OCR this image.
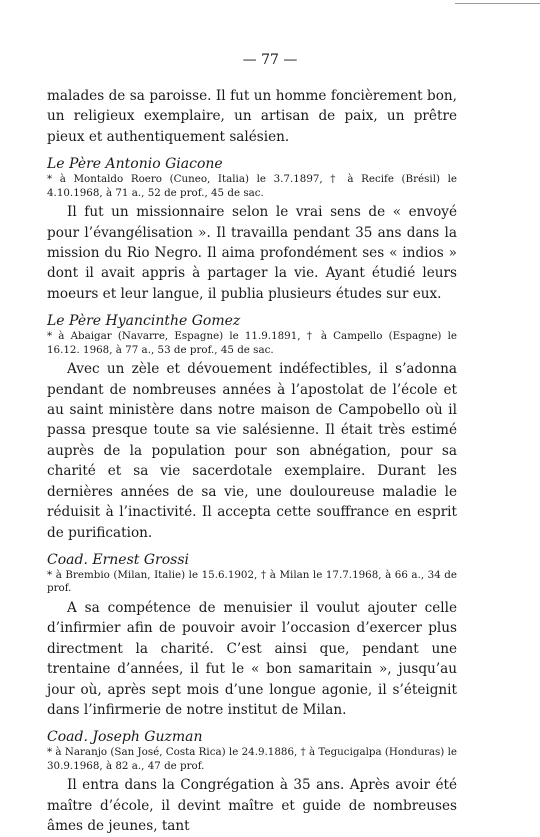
— 77 —

malades de sa paroisse. Il fut un homme foncièrement bon, un religieux exemplaire, un artisan de paix, un prêtre pieux et authentiquement salésien.

Le Père Antonio Giacone

* à Montaldo Roero (Cuneo, Italia) le 3.7.1897, † à Recife (Brésil) le 4.10.1968, à 71 a., 52 de prof., 45 de sac.

Il fut un missionnaire selon le vrai sens de « envoyé pour l’évangélisation ». Il travailla pendant 35 ans dans la mission du Rio Negro. Il aima profondément ses « indios » dont il avait appris à partager la vie. Ayant étudié leurs moeurs et leur langue, il publia plusieurs études sur eux.

Le Père Hyancinthe Gomez

* à Abaigar (Navarre, Espagne) le 11.9.1891, † à Campello (Espagne) le 16.12. 1968, à 77 a., 53 de prof., 45 de sac.

Avec un zèle et dévouement indéfectibles, il s’adonna pendant de nombreuses années à l’apostolat de l’école et au saint ministère dans notre maison de Campobello où il passa presque toute sa vie salésienne. Il était très estimé auprès de la population pour son abnégation, pour sa charité et sa vie sacerdotale exemplaire. Durant les dernières années de sa vie, une douloureuse maladie le réduisit à l’inactivité. Il accepta cette souffrance en esprit de purification.

Coad. Ernest Grossi

* à Brembio (Milan, Italie) le 15.6.1902, † à Milan le 17.7.1968, à 66 a., 34 de prof.

A sa compétence de menuisier il voulut ajouter celle d’infirmier afin de pouvoir avoir l’occasion d’exercer plus directment la charité. C’est ainsi que, pendant une trentaine d’années, il fut le « bon samaritain », jusqu’au jour où, après sept mois d’une longue agonie, il s’éteignit dans l’infirmerie de notre institut de Milan.

Coad. Joseph Guzman

* à Naranjo (San José, Costa Rica) le 24.9.1886, † à Tegucigalpa (Honduras) le 30.9.1968, à 82 a., 47 de prof.

Il entra dans la Congrégation à 35 ans. Après avoir été maître d’école, il devint maître et guide de nombreuses âmes de jeunes, tant
